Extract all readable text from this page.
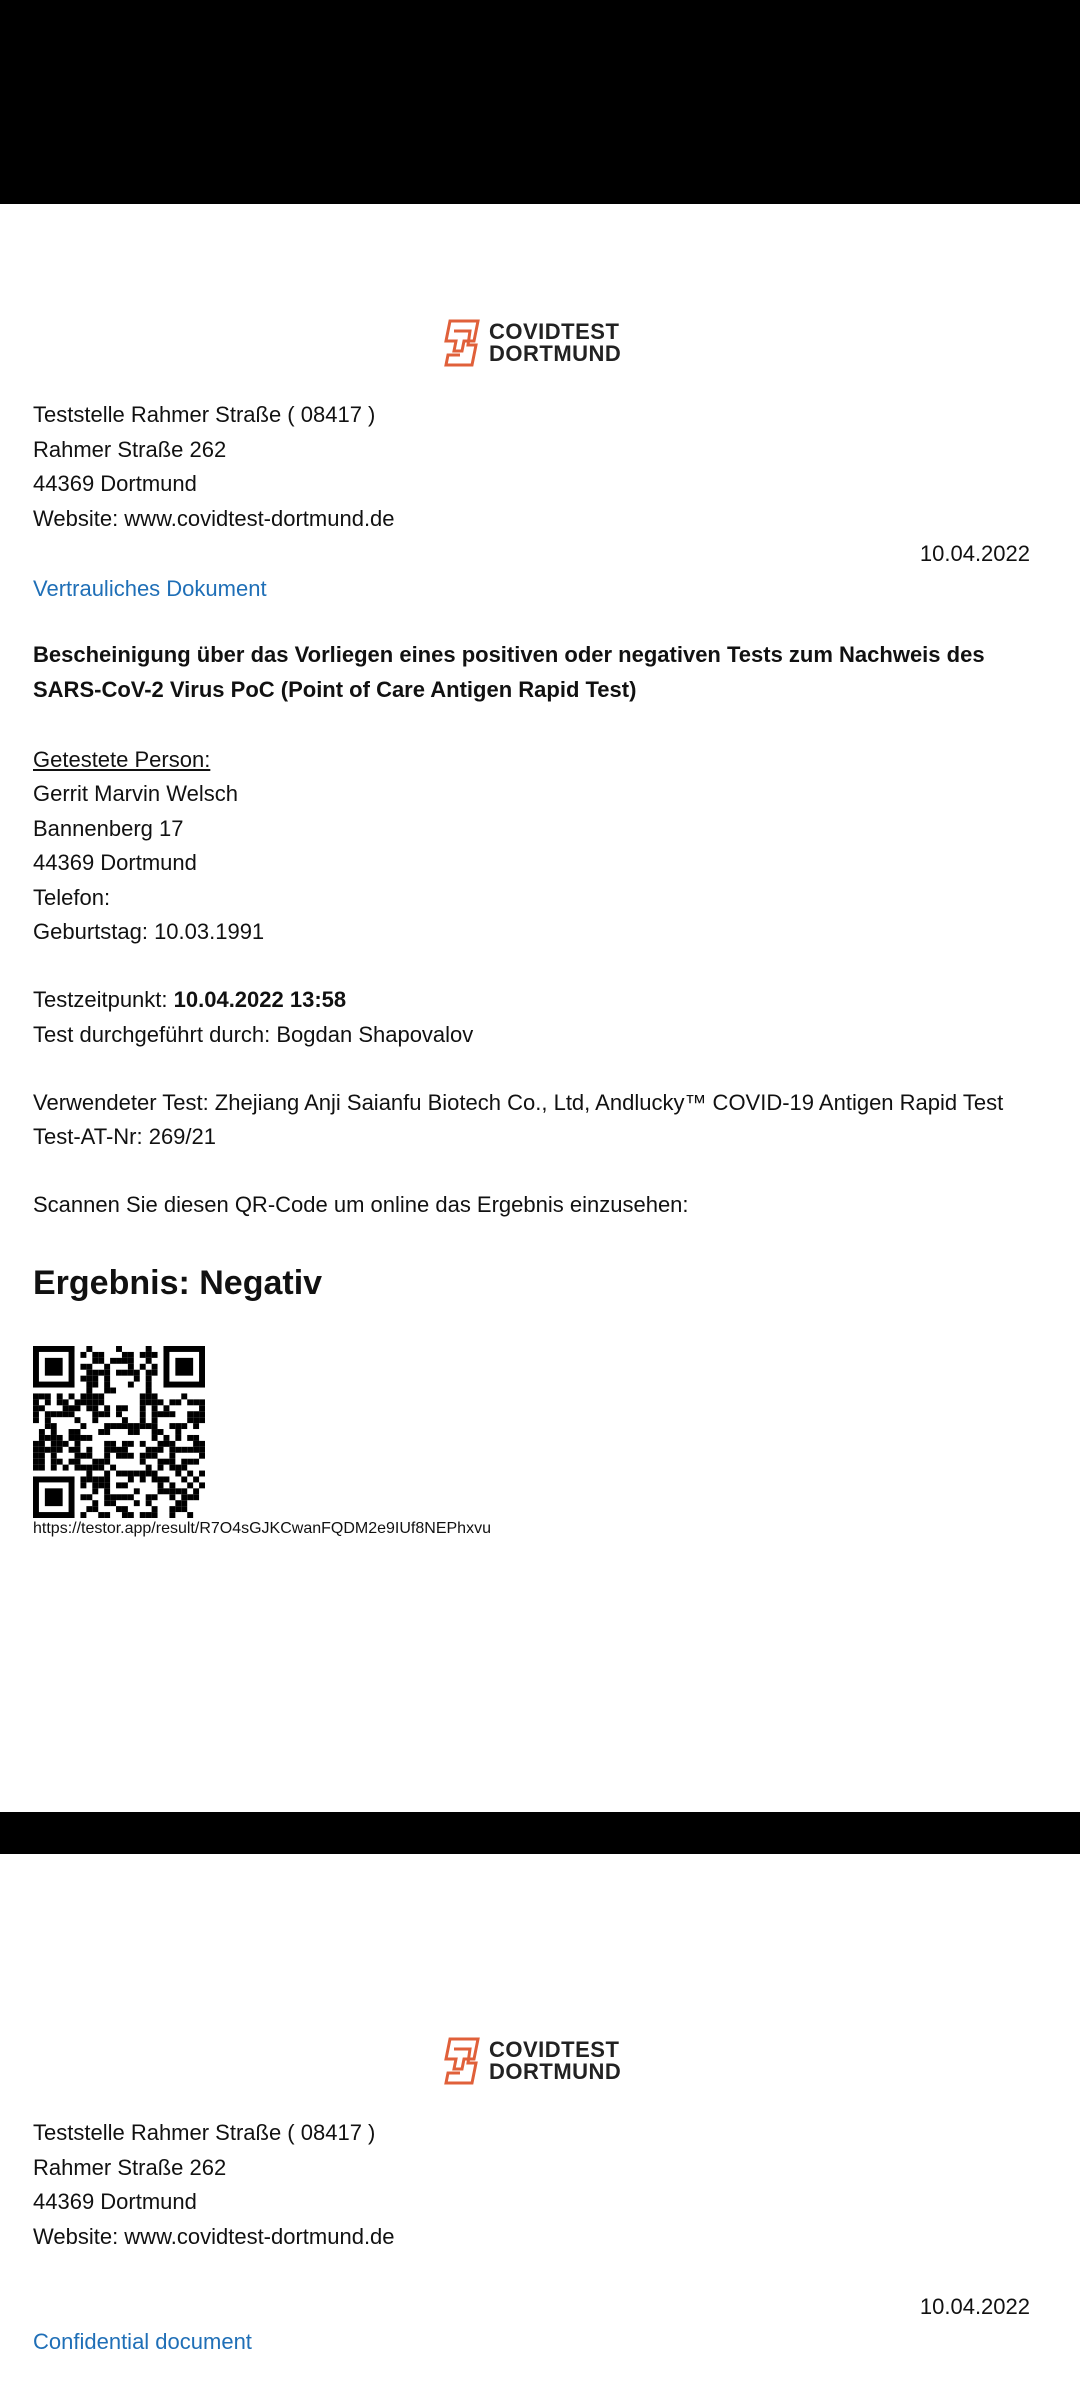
COVIDTEST
DORTMUND
Teststelle Rahmer Straße ( 08417 )
Rahmer Straße 262
44369 Dortmund
Website: www.covidtest-dortmund.de
10.04.2022
Vertrauliches Dokument
Bescheinigung über das Vorliegen eines positiven oder negativen Tests zum Nachweis des SARS-CoV-2 Virus PoC (Point of Care Antigen Rapid Test)
Getestete Person:
Gerrit Marvin Welsch
Bannenberg 17
44369 Dortmund
Telefon:
Geburtstag: 10.03.1991
Testzeitpunkt: 10.04.2022 13:58
Test durchgeführt durch: Bogdan Shapovalov
Verwendeter Test: Zhejiang Anji Saianfu Biotech Co., Ltd, Andlucky™ COVID-19 Antigen Rapid Test
Test-AT-Nr: 269/21
Scannen Sie diesen QR-Code um online das Ergebnis einzusehen:
Ergebnis: Negativ
https://testor.app/result/R7O4sGJKCwanFQDM2e9IUf8NEPhxvu
COVIDTEST
DORTMUND
Teststelle Rahmer Straße ( 08417 )
Rahmer Straße 262
44369 Dortmund
Website: www.covidtest-dortmund.de
10.04.2022
Confidential document
